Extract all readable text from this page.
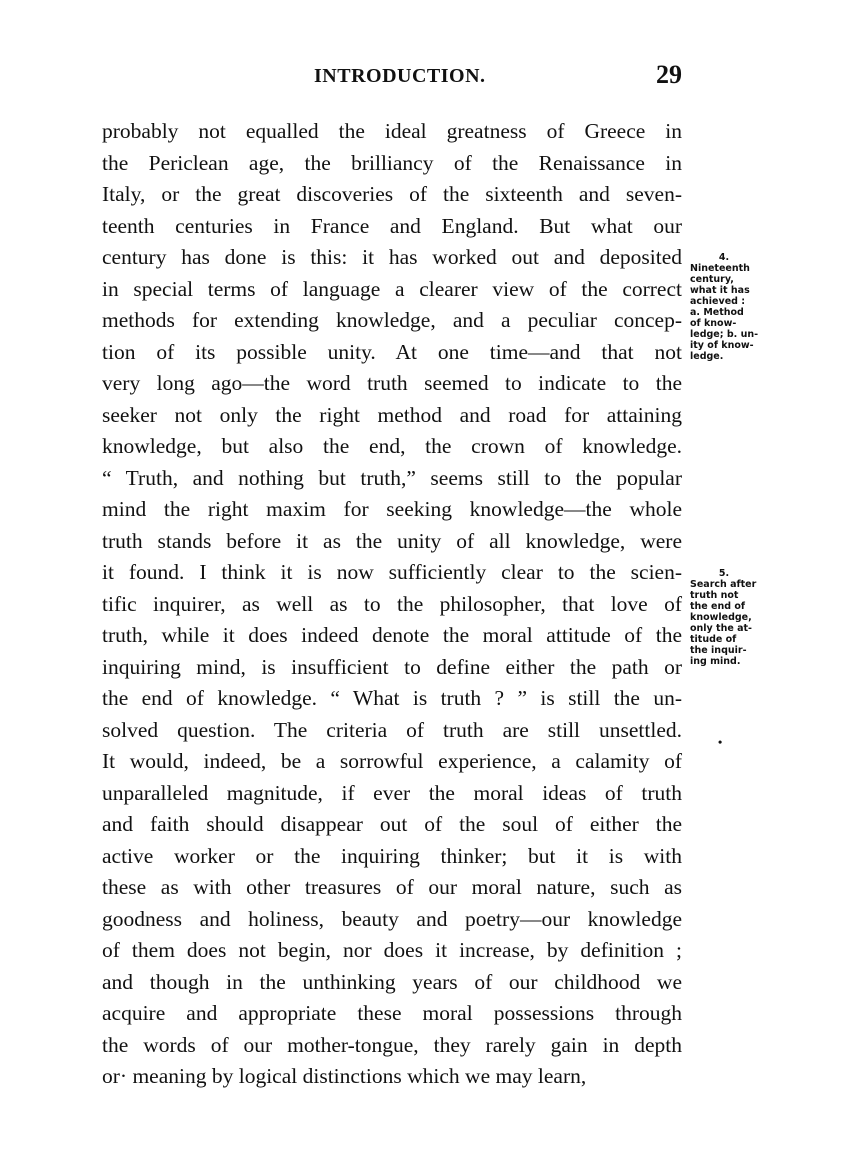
INTRODUCTION.	29
probably not equalled the ideal greatness of Greece in
the Periclean age, the brilliancy of the Renaissance in
Italy, or the great discoveries of the sixteenth and seven-
teenth centuries in France and England. But what our
century has done is this: it has worked out and deposited
in special terms of language a clearer view of the correct
methods for extending knowledge, and a peculiar concep-
tion of its possible unity. At one time—and that not
very long ago—the word truth seemed to indicate to the
seeker not only the right method and road for attaining
knowledge, but also the end, the crown of knowledge.
“ Truth, and nothing but truth,” seems still to the popular
mind the right maxim for seeking knowledge—the whole
truth stands before it as the unity of all knowledge, were
it found. I think it is now sufficiently clear to the scien-
tific inquirer, as well as to the philosopher, that love of
truth, while it does indeed denote the moral attitude of the
inquiring mind, is insufficient to define either the path or
the end of knowledge. “ What is truth ? ” is still the un-
solved question. The criteria of truth are still unsettled.
It would, indeed, be a sorrowful experience, a calamity of
unparalleled magnitude, if ever the moral ideas of truth
and faith should disappear out of the soul of either the
active worker or the inquiring thinker; but it is with
these as with other treasures of our moral nature, such as
goodness and holiness, beauty and poetry—our knowledge
of them does not begin, nor does it increase, by definition ;
and though in the unthinking years of our childhood we
acquire and appropriate these moral possessions through
the words of our mother-tongue, they rarely gain in depth
or· meaning by logical distinctions which we may learn,
4.
Nineteenth
century,
what it has
achieved :
a. Method
of know-
ledge; b. un-
ity of know-
ledge.
5.
Search after
truth not
the end of
knowledge,
only the at-
titude of
the inquir-
ing mind.
•
